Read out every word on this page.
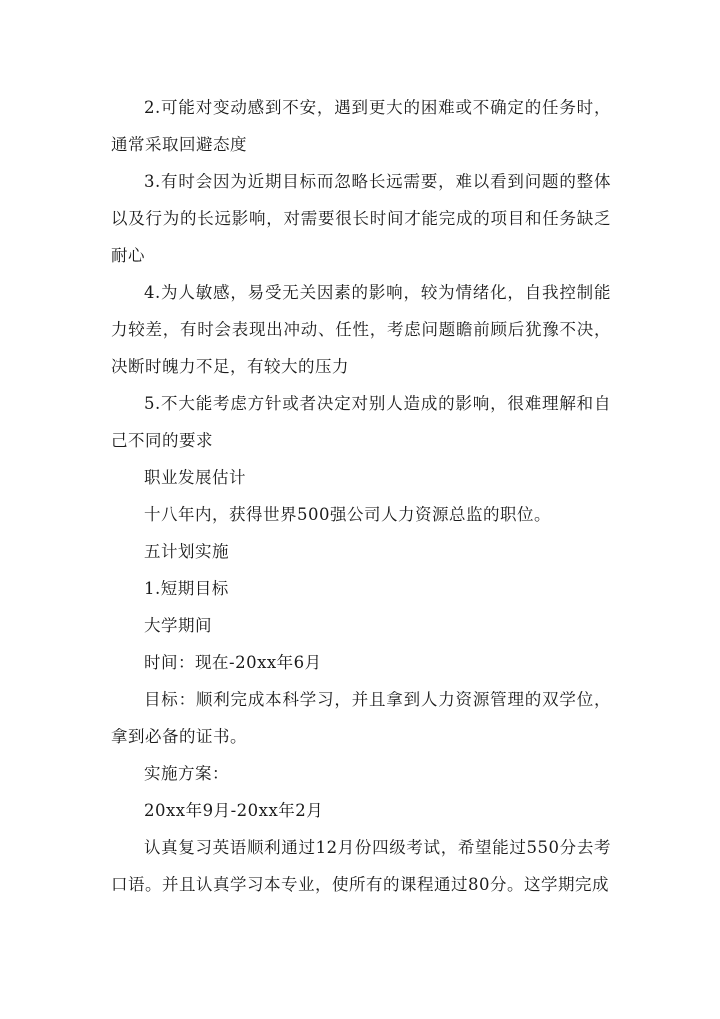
2.可能对变动感到不安，遇到更大的困难或不确定的任务时，通常采取回避态度

3.有时会因为近期目标而忽略长远需要，难以看到问题的整体以及行为的长远影响，对需要很长时间才能完成的项目和任务缺乏耐心

4.为人敏感，易受无关因素的影响，较为情绪化，自我控制能力较差，有时会表现出冲动、任性，考虑问题瞻前顾后犹豫不决，决断时魄力不足，有较大的压力

5.不大能考虑方针或者决定对别人造成的影响，很难理解和自己不同的要求

职业发展估计

十八年内，获得世界500强公司人力资源总监的职位。

五计划实施

1.短期目标

大学期间

时间：现在-20xx年6月

目标：顺利完成本科学习，并且拿到人力资源管理的双学位，拿到必备的证书。

实施方案：

20xx年9月-20xx年2月

认真复习英语顺利通过12月份四级考试，希望能过550分去考口语。并且认真学习本专业，使所有的课程通过80分。这学期完成
